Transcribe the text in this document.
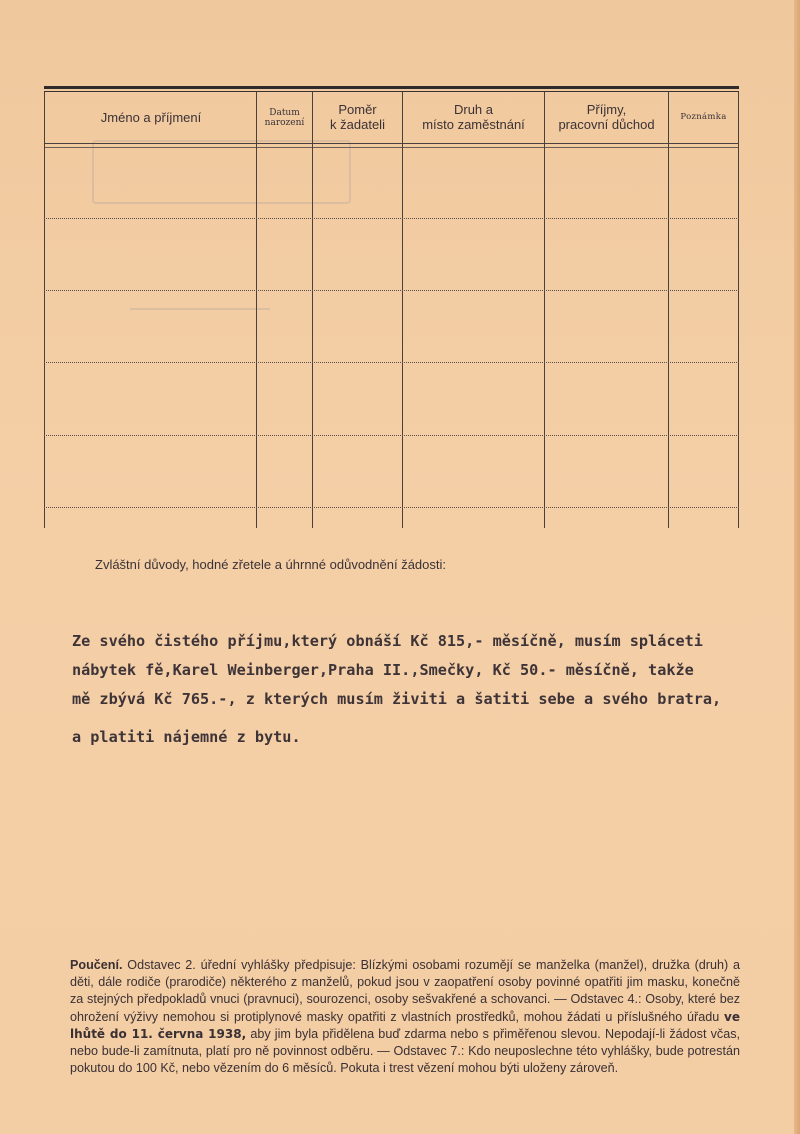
Jméno a příjmení	Datum
narození
Poměr
k žadateli
Druh a
místo zaměstnání
Příjmy,
pracovní důchod	Poznámka
Zvláštní důvody, hodné zřetele a úhrnné odůvodnění žádosti:
Ze svého čistého příjmu,který obnáší Kč 815,- měsíčně, musím spláceti
nábytek fě,Karel Weinberger,Praha II.,Smečky, Kč 50.- měsíčně, takže
mě zbývá Kč 765.-, z kterých musím živiti a šatiti sebe a svého bratra,
a platiti nájemné z bytu.
Poučení. Odstavec 2. úřední vyhlášky předpisuje: Blízkými osobami rozumějí se manželka (manžel), družka (druh) a děti, dále rodiče (prarodiče) některého z manželů, pokud jsou v zaopatření osoby povinné opatřiti jim masku, konečně za stejných předpokladů vnuci (pravnuci), sourozenci, osoby sešvakřené a schovanci. — Odstavec 4.: Osoby, které bez ohrožení výživy nemohou si protiplynové masky opatřiti z vlastních prostředků, mohou žádati u příslušného úřadu ve lhůtě do 11. června 1938, aby jim byla přidělena buď zdarma nebo s přiměřenou slevou. Nepodají-li žádost včas, nebo bude-li zamítnuta, platí pro ně povinnost odběru. — Odstavec 7.: Kdo neuposlechne této vyhlášky, bude potrestán pokutou do 100 Kč, nebo vězením do 6 měsíců. Pokuta i trest vězení mohou býti uloženy zároveň.
